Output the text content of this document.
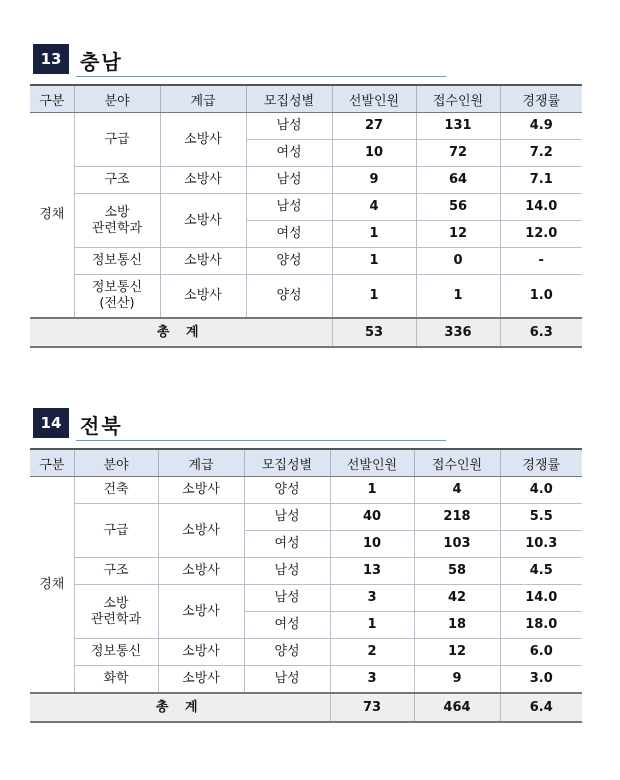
13 충남
구분	분야	계급	모집성별	선발인원	접수인원	경쟁률
경채	구급	소방사	남성	27	131	4.9
			여성	10	72	7.2
	구조	소방사	남성	9	64	7.1
	소방
관련학과	소방사	남성	4	56	14.0
			여성	1	12	12.0
	정보통신	소방사	양성	1	0	-
	정보통신
(전산)	소방사	양성	1	1	1.0
총 계				53	336	6.3
14 전북
구분	분야	계급	모집성별	선발인원	접수인원	경쟁률
경채	건축	소방사	양성	1	4	4.0
	구급	소방사	남성	40	218	5.5
			여성	10	103	10.3
	구조	소방사	남성	13	58	4.5
	소방
관련학과	소방사	남성	3	42	14.0
			여성	1	18	18.0
	정보통신	소방사	양성	2	12	6.0
	화학	소방사	남성	3	9	3.0
총 계				73	464	6.4
